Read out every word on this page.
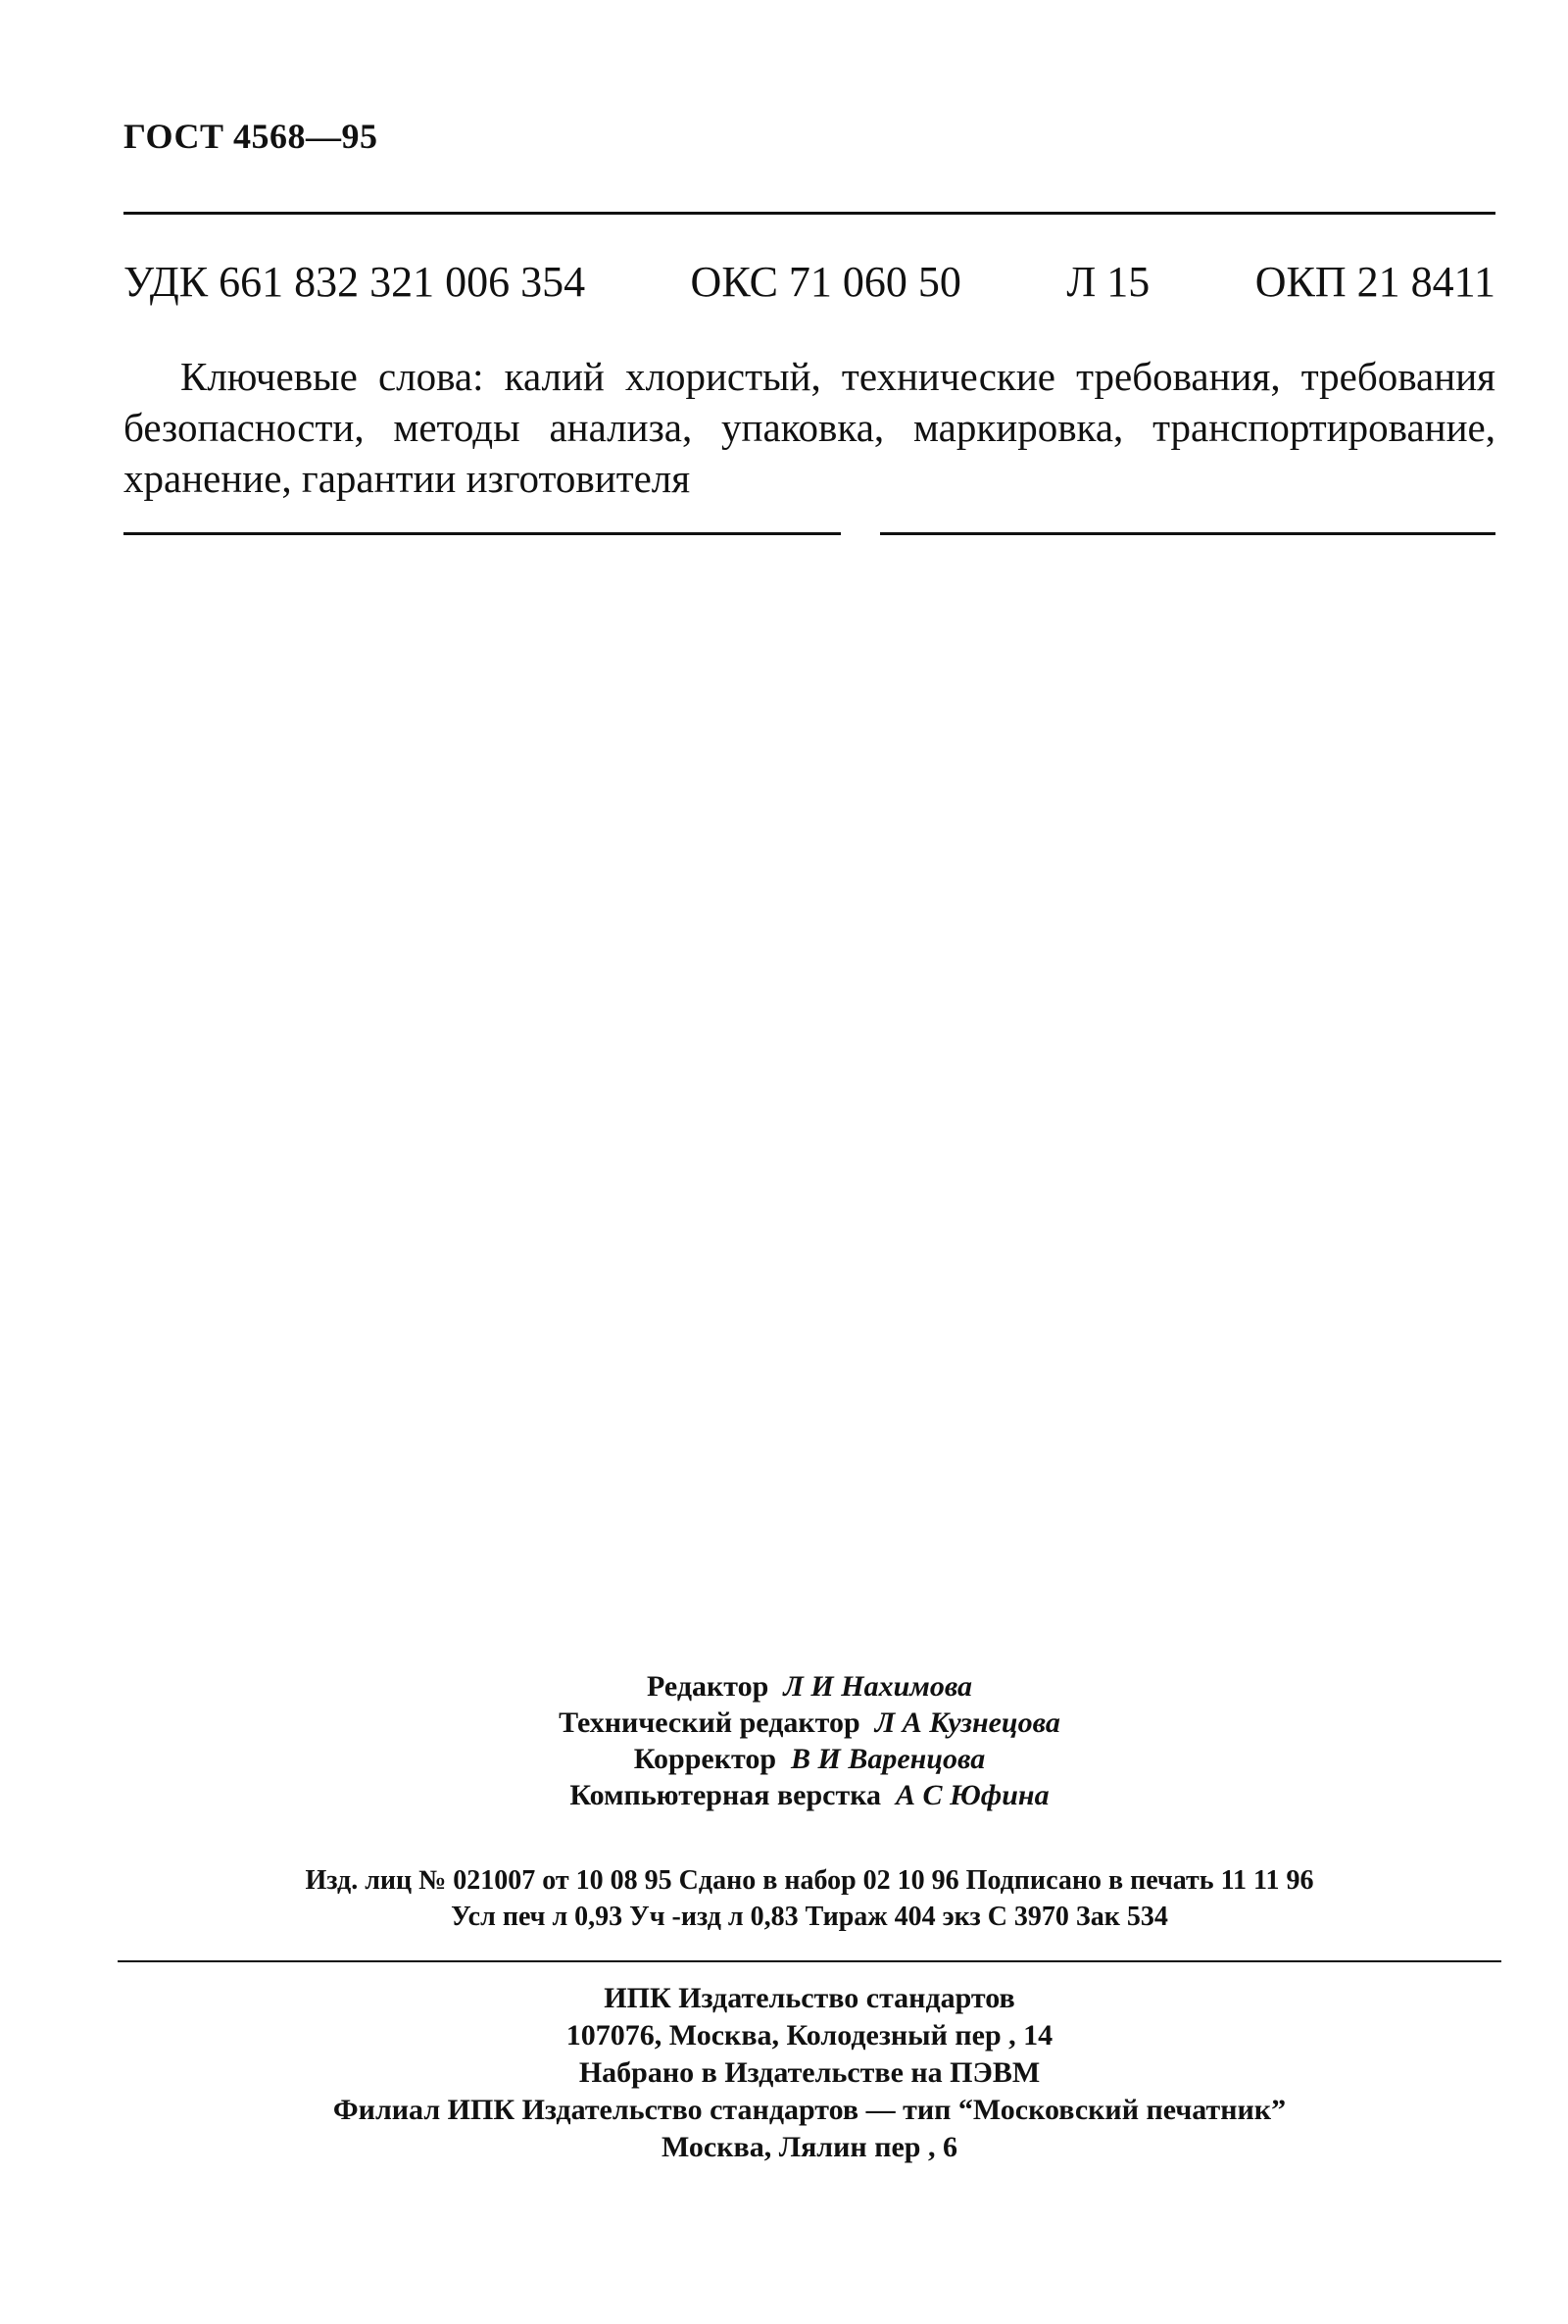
ГОСТ 4568—95
УДК 661 832 321 006 354 ОКС 71 060 50 Л 15 ОКП 21 8411

Ключевые слова: калий хлористый, технические требования, требования безопасности, методы анализа, упаковка, маркировка, транспортирование, хранение, гарантии изготовителя

Редактор Л И Нахимова
Технический редактор Л А Кузнецова
Корректор В И Варенцова
Компьютерная верстка А С Юфина
Изд. лиц № 021007 от 10 08 95 Сдано в набор 02 10 96 Подписано в печать 11 11 96
Усл печ л 0,93 Уч -изд л 0,83 Тираж 404 экз С 3970 Зак 534
ИПК Издательство стандартов
107076, Москва, Колодезный пер , 14
Набрано в Издательстве на ПЭВМ
Филиал ИПК Издательство стандартов — тип “Московский печатник”
Москва, Лялин пер , 6
